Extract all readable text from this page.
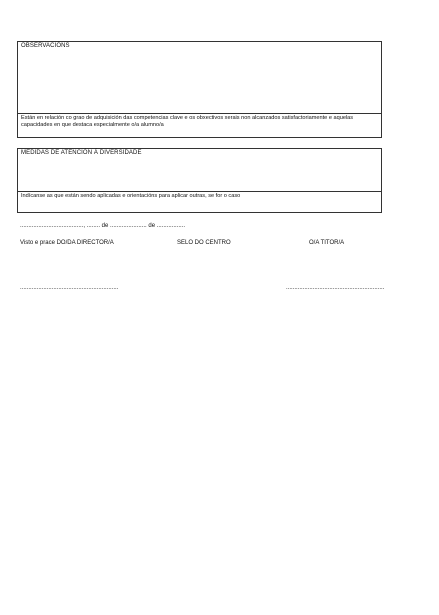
OBSERVACIÓNS
Están en relación co grao de adquisición das competencias clave e os obxectivos xerais non alcanzados satisfactoriamente e aquelas capacidades en que destaca especialmente o/a alumno/a
MEDIDAS DE ATENCIÓN Á DIVERSIDADE
Indícanse as que están sendo aplicadas e orientacións para aplicar outras, se for o caso
......................................, ........ de ...................... de .................
Visto e prace DO/DA DIRECTOR/A	SELO DO CENTRO	O/A TITOR/A
...........................................................	...........................................................
